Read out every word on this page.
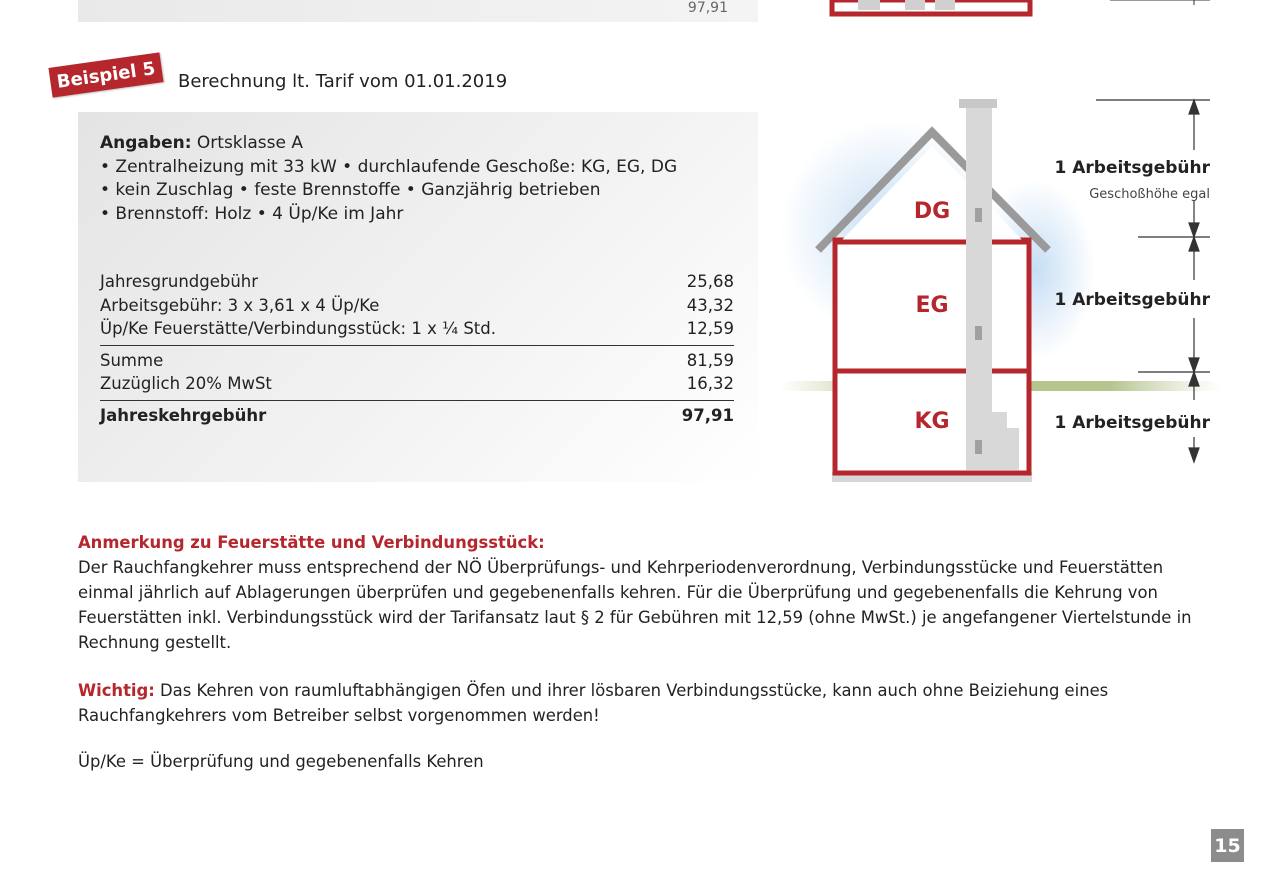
97,91
Beispiel 5	Berechnung lt. Tarif vom 01.01.2019
Angaben: Ortsklasse A
• Zentralheizung mit 33 kW • durchlaufende Geschoße: KG, EG, DG
• kein Zuschlag • feste Brennstoffe • Ganzjährig betrieben
• Brennstoff: Holz • 4 Üp/Ke im Jahr
Jahresgrundgebühr	25,68
Arbeitsgebühr: 3 x 3,61 x 4 Üp/Ke	43,32
Üp/Ke Feuerstätte/Verbindungsstück: 1 x ¼ Std.	12,59
Summe	81,59
Zuzüglich 20% MwSt	16,32
Jahreskehrgebühr	97,91
DG
EG
KG
1 Arbeitsgebühr
Geschoßhöhe egal
1 Arbeitsgebühr
1 Arbeitsgebühr
Anmerkung zu Feuerstätte und Verbindungsstück:
Der Rauchfangkehrer muss entsprechend der NÖ Überprüfungs- und Kehrperiodenverordnung, Verbindungsstücke und Feuerstätten einmal jährlich auf Ablagerungen überprüfen und gegebenenfalls kehren. Für die Überprüfung und gegebenenfalls die Kehrung von Feuerstätten inkl. Verbindungsstück wird der Tarifansatz laut § 2 für Gebühren mit 12,59 (ohne MwSt.) je angefangener Viertelstunde in Rechnung gestellt.
Wichtig: Das Kehren von raumluftabhängigen Öfen und ihrer lösbaren Verbindungsstücke, kann auch ohne Beiziehung eines Rauchfangkehrers vom Betreiber selbst vorgenommen werden!
Üp/Ke = Überprüfung und gegebenenfalls Kehren
15
